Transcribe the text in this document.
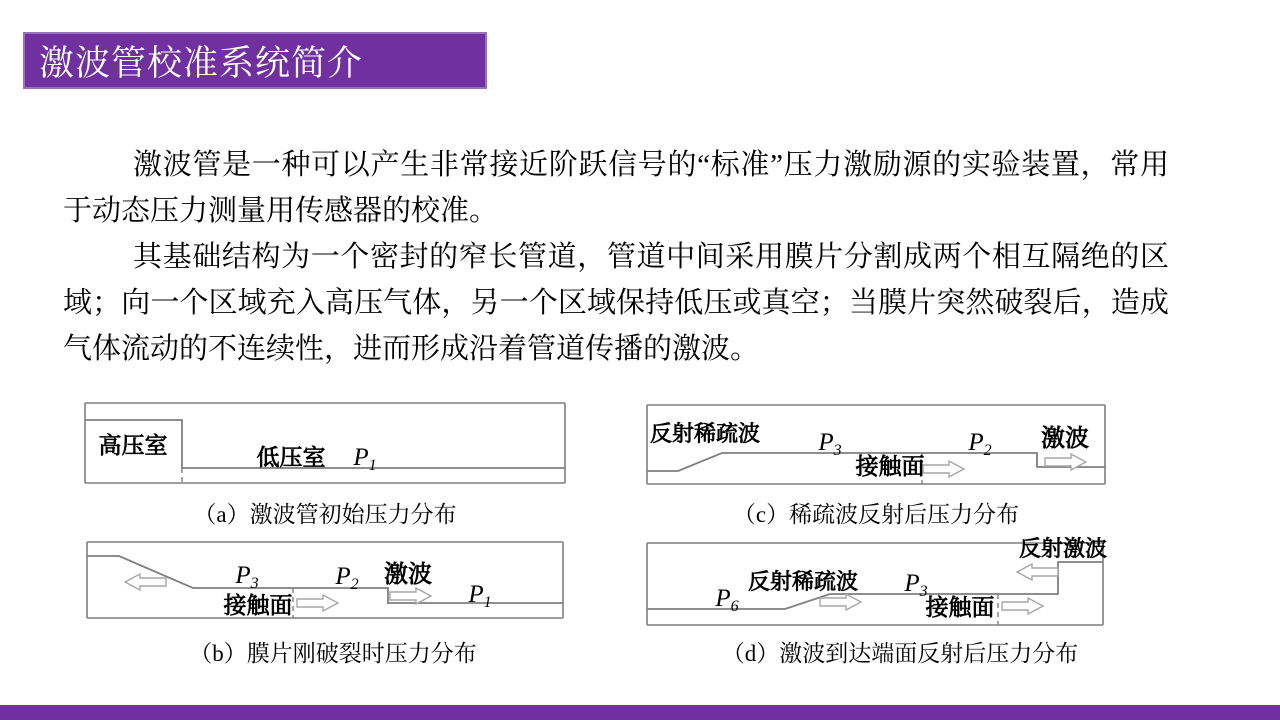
激波管校准系统简介

激波管是一种可以产生非常接近阶跃信号的“标准”压力激励源的实验装置，常用于动态压力测量用传感器的校准。

其基础结构为一个密封的窄长管道，管道中间采用膜片分割成两个相互隔绝的区域；向一个区域充入高压气体，另一个区域保持低压或真空；当膜片突然破裂后，造成气体流动的不连续性，进而形成沿着管道传播的激波。

高压室	低压室 $P_1$
（a）激波管初始压力分布
$P_3$	$P_2$	$P_1$
激波
接触面
（b）膜片刚破裂时压力分布
反射稀疏波 $P_3$	$P_2$ 激波
接触面
（c）稀疏波反射后压力分布
反射激波
反射稀疏波
$P_6$
$P_3$
接触面
（d）激波到达端面反射后压力分布
